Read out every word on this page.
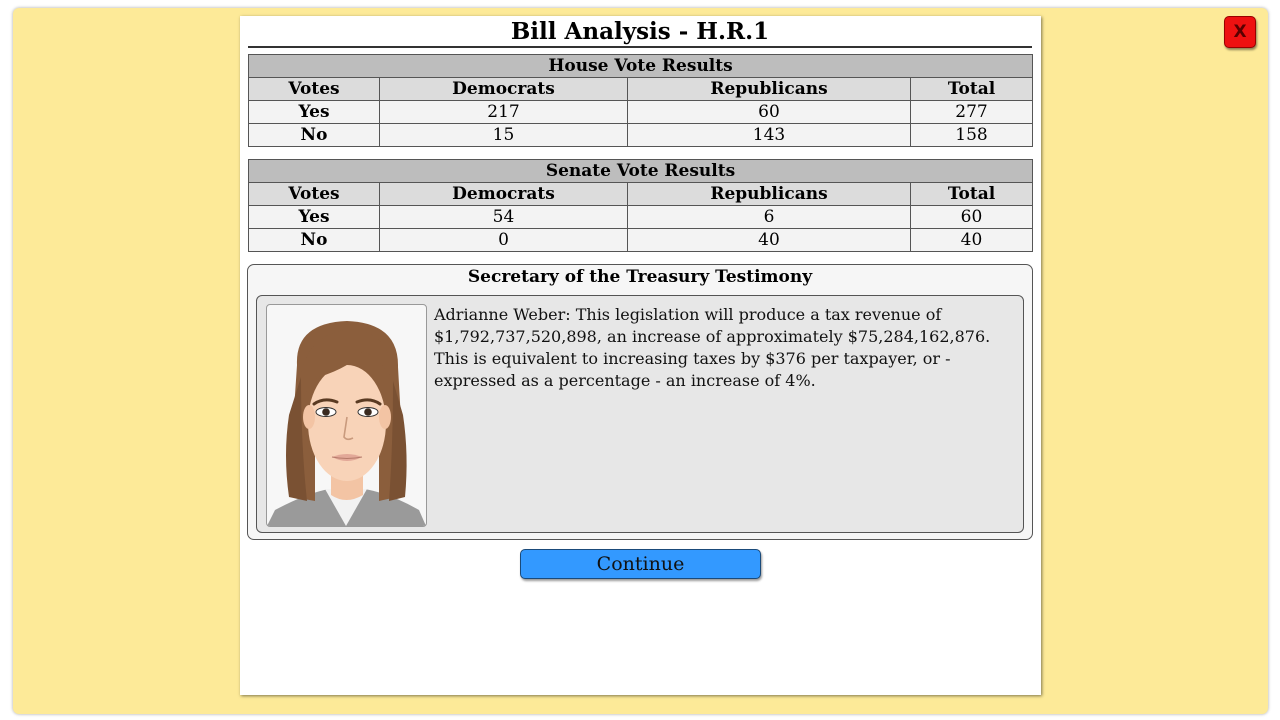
X
Bill Analysis - H.R.1
House Vote Results			
Votes	Democrats	Republicans	Total
Yes	217	60	277
No	15	143	158
Senate Vote Results			
Votes	Democrats	Republicans	Total
Yes	54	6	60
No	0	40	40
Secretary of the Treasury Testimony
Adrianne Weber: This legislation will produce a tax revenue of $1,792,737,520,898, an increase of approximately $75,284,162,876. This is equivalent to increasing taxes by $376 per taxpayer, or - expressed as a percentage - an increase of 4%.
Continue
